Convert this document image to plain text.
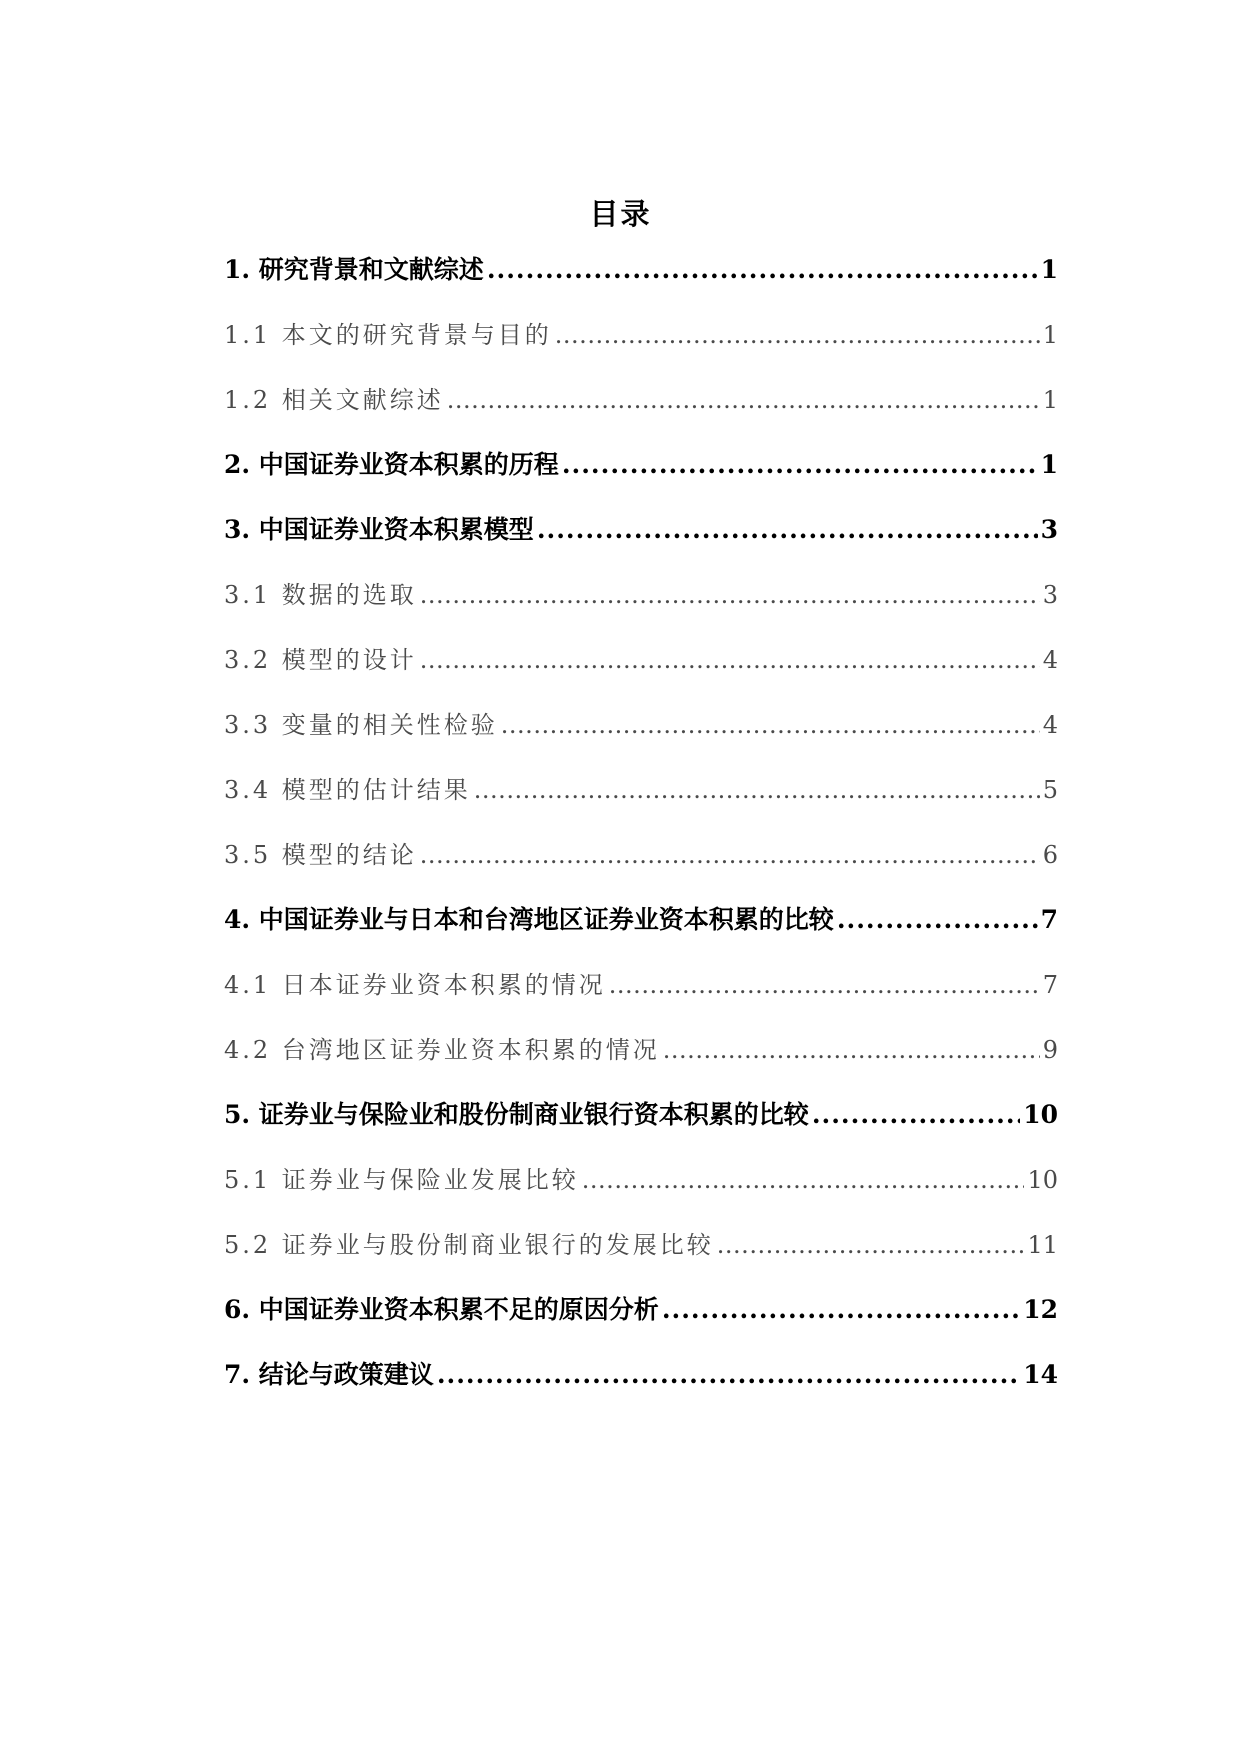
目录
1. 研究背景和文献综述 .....	1
1.1 本文的研究背景与目的 .....	1
1.2 相关文献综述 .....	1
2. 中国证券业资本积累的历程 .....	1
3. 中国证券业资本积累模型 .....	3
3.1 数据的选取 .....	3
3.2 模型的设计 .....	4
3.3 变量的相关性检验 .....	4
3.4 模型的估计结果 .....	5
3.5 模型的结论 .....	6
4. 中国证券业与日本和台湾地区证券业资本积累的比较 .....	7
4.1 日本证券业资本积累的情况 .....	7
4.2 台湾地区证券业资本积累的情况 .....	9
5. 证券业与保险业和股份制商业银行资本积累的比较 .....	10
5.1 证券业与保险业发展比较 .....	10
5.2 证券业与股份制商业银行的发展比较 .....	11
6. 中国证券业资本积累不足的原因分析 .....	12
7. 结论与政策建议 .....	14
